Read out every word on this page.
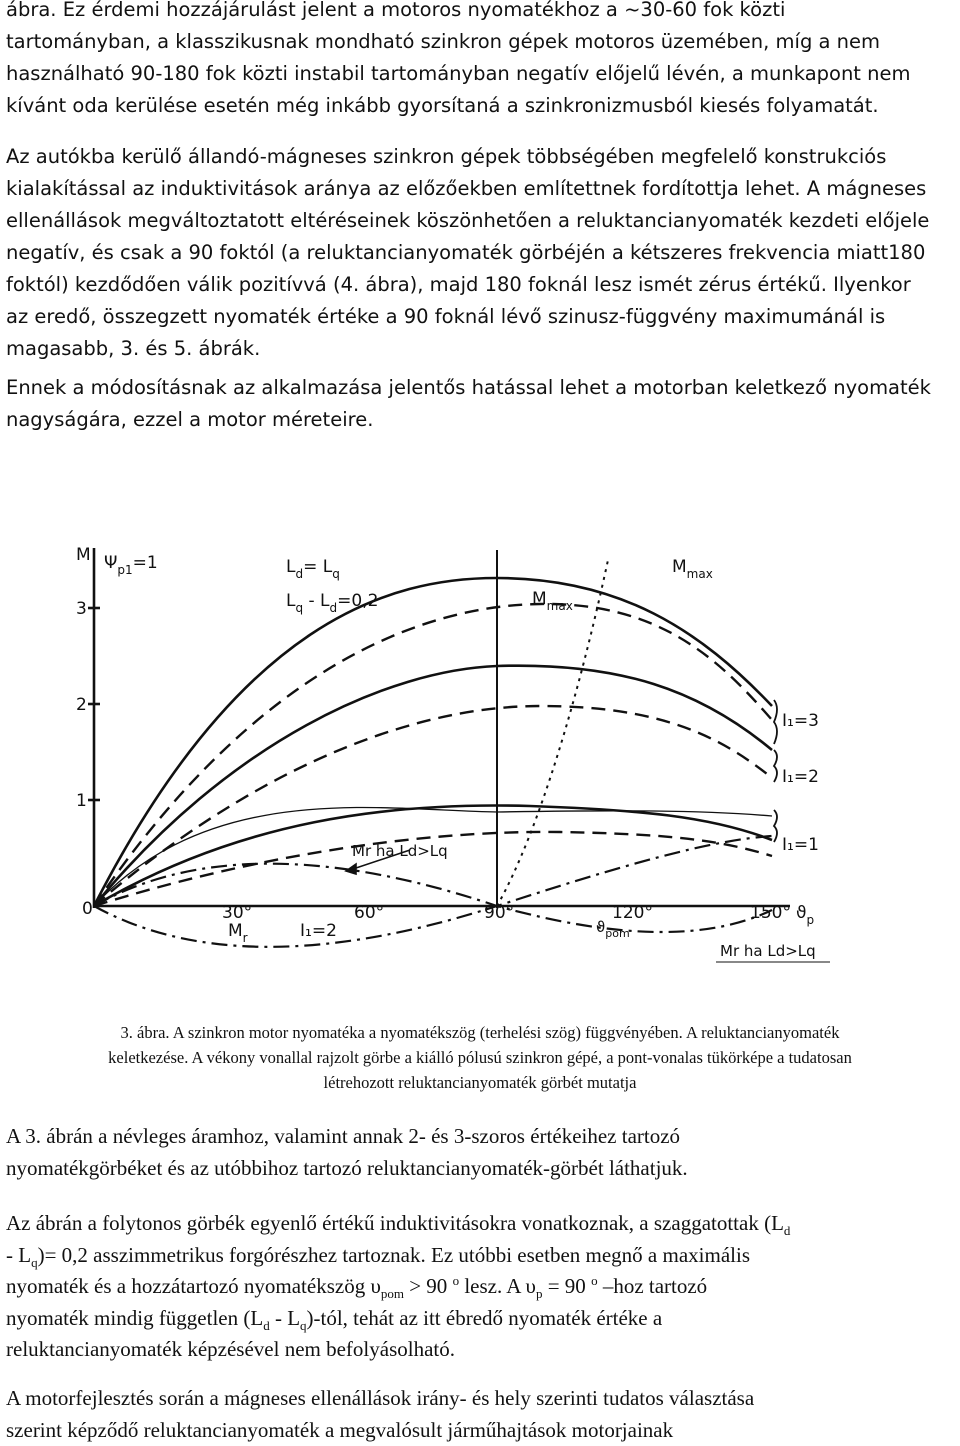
ábra. Ez érdemi hozzájárulást jelent a motoros nyomatékhoz a ~30-60 fok közti
tartományban, a klasszikusnak mondható szinkron gépek motoros üzemében, míg a nem
használható 90-180 fok közti instabil tartományban negatív előjelű lévén, a munkapont nem
kívánt oda kerülése esetén még inkább gyorsítaná a szinkronizmusból kiesés folyamatát.
Az autókba kerülő állandó-mágneses szinkron gépek többségében megfelelő konstrukciós
kialakítással az induktivitások aránya az előzőekben említettnek fordítottja lehet. A mágneses
ellenállások megváltoztatott eltéréseinek köszönhetően a reluktancianyomaték kezdeti előjele
negatív, és csak a 90 foktól (a reluktancianyomaték görbéjén a kétszeres frekvencia miatt180
foktól) kezdődően válik pozitívvá (4. ábra), majd 180 foknál lesz ismét zérus értékű. Ilyenkor
az eredő, összegzett nyomaték értéke a 90 foknál lévő szinusz-függvény maximumánál is
magasabb, 3. és 5. ábrák.
Ennek a módosításnak az alkalmazása jelentős hatással lehet a motorban keletkező nyomaték
nagyságára, ezzel a motor méreteire.
M
3
2
1
0	30°	60°	90°	120°	150° $ϑ_p$
$\Psi_{p1}=1$	$L_d= L_q$
$L_q - L_d=0,2$	$M_{max}$
$M_{max}$
I₁=3
I₁=2
I₁=1
$M_r$	I₁=2
Mr ha Ld>Lq
Mr ha Ld>Lq
$ϑ_{pom}$
3. ábra. A szinkron motor nyomatéka a nyomatékszög (terhelési szög) függvényében. A reluktancianyomaték
keletkezése. A vékony vonallal rajzolt görbe a kiálló pólusú szinkron gépé, a pont-vonalas tükörképe a tudatosan
létrehozott reluktancianyomaték görbét mutatja
A 3. ábrán a névleges áramhoz, valamint annak 2- és 3-szoros értékeihez tartozó
nyomatékgörbéket és az utóbbihoz tartozó reluktancianyomaték-görbét láthatjuk.
Az ábrán a folytonos görbék egyenlő értékű induktivitásokra vonatkoznak, a szaggatottak ($L_d$
- $L_q)= 0,2$ asszimmetrikus forgórészhez tartoznak. Ez utóbbi esetben megnő a maximális
nyomaték és a hozzátartozó nyomatékszög $\upsilon_{pom} > 90$ $^o$ lesz. A $\upsilon_p = 90$ $^o$ –hoz tartozó
nyomaték mindig független ($L_d$ - $L_q$)-tól, tehát az itt ébredő nyomaték értéke a
reluktancianyomaték képzésével nem befolyásolható.
A motorfejlesztés során a mágneses ellenállások irány- és hely szerinti tudatos választása
szerint képződő reluktancianyomaték a megvalósult járműhajtások motorjainak
